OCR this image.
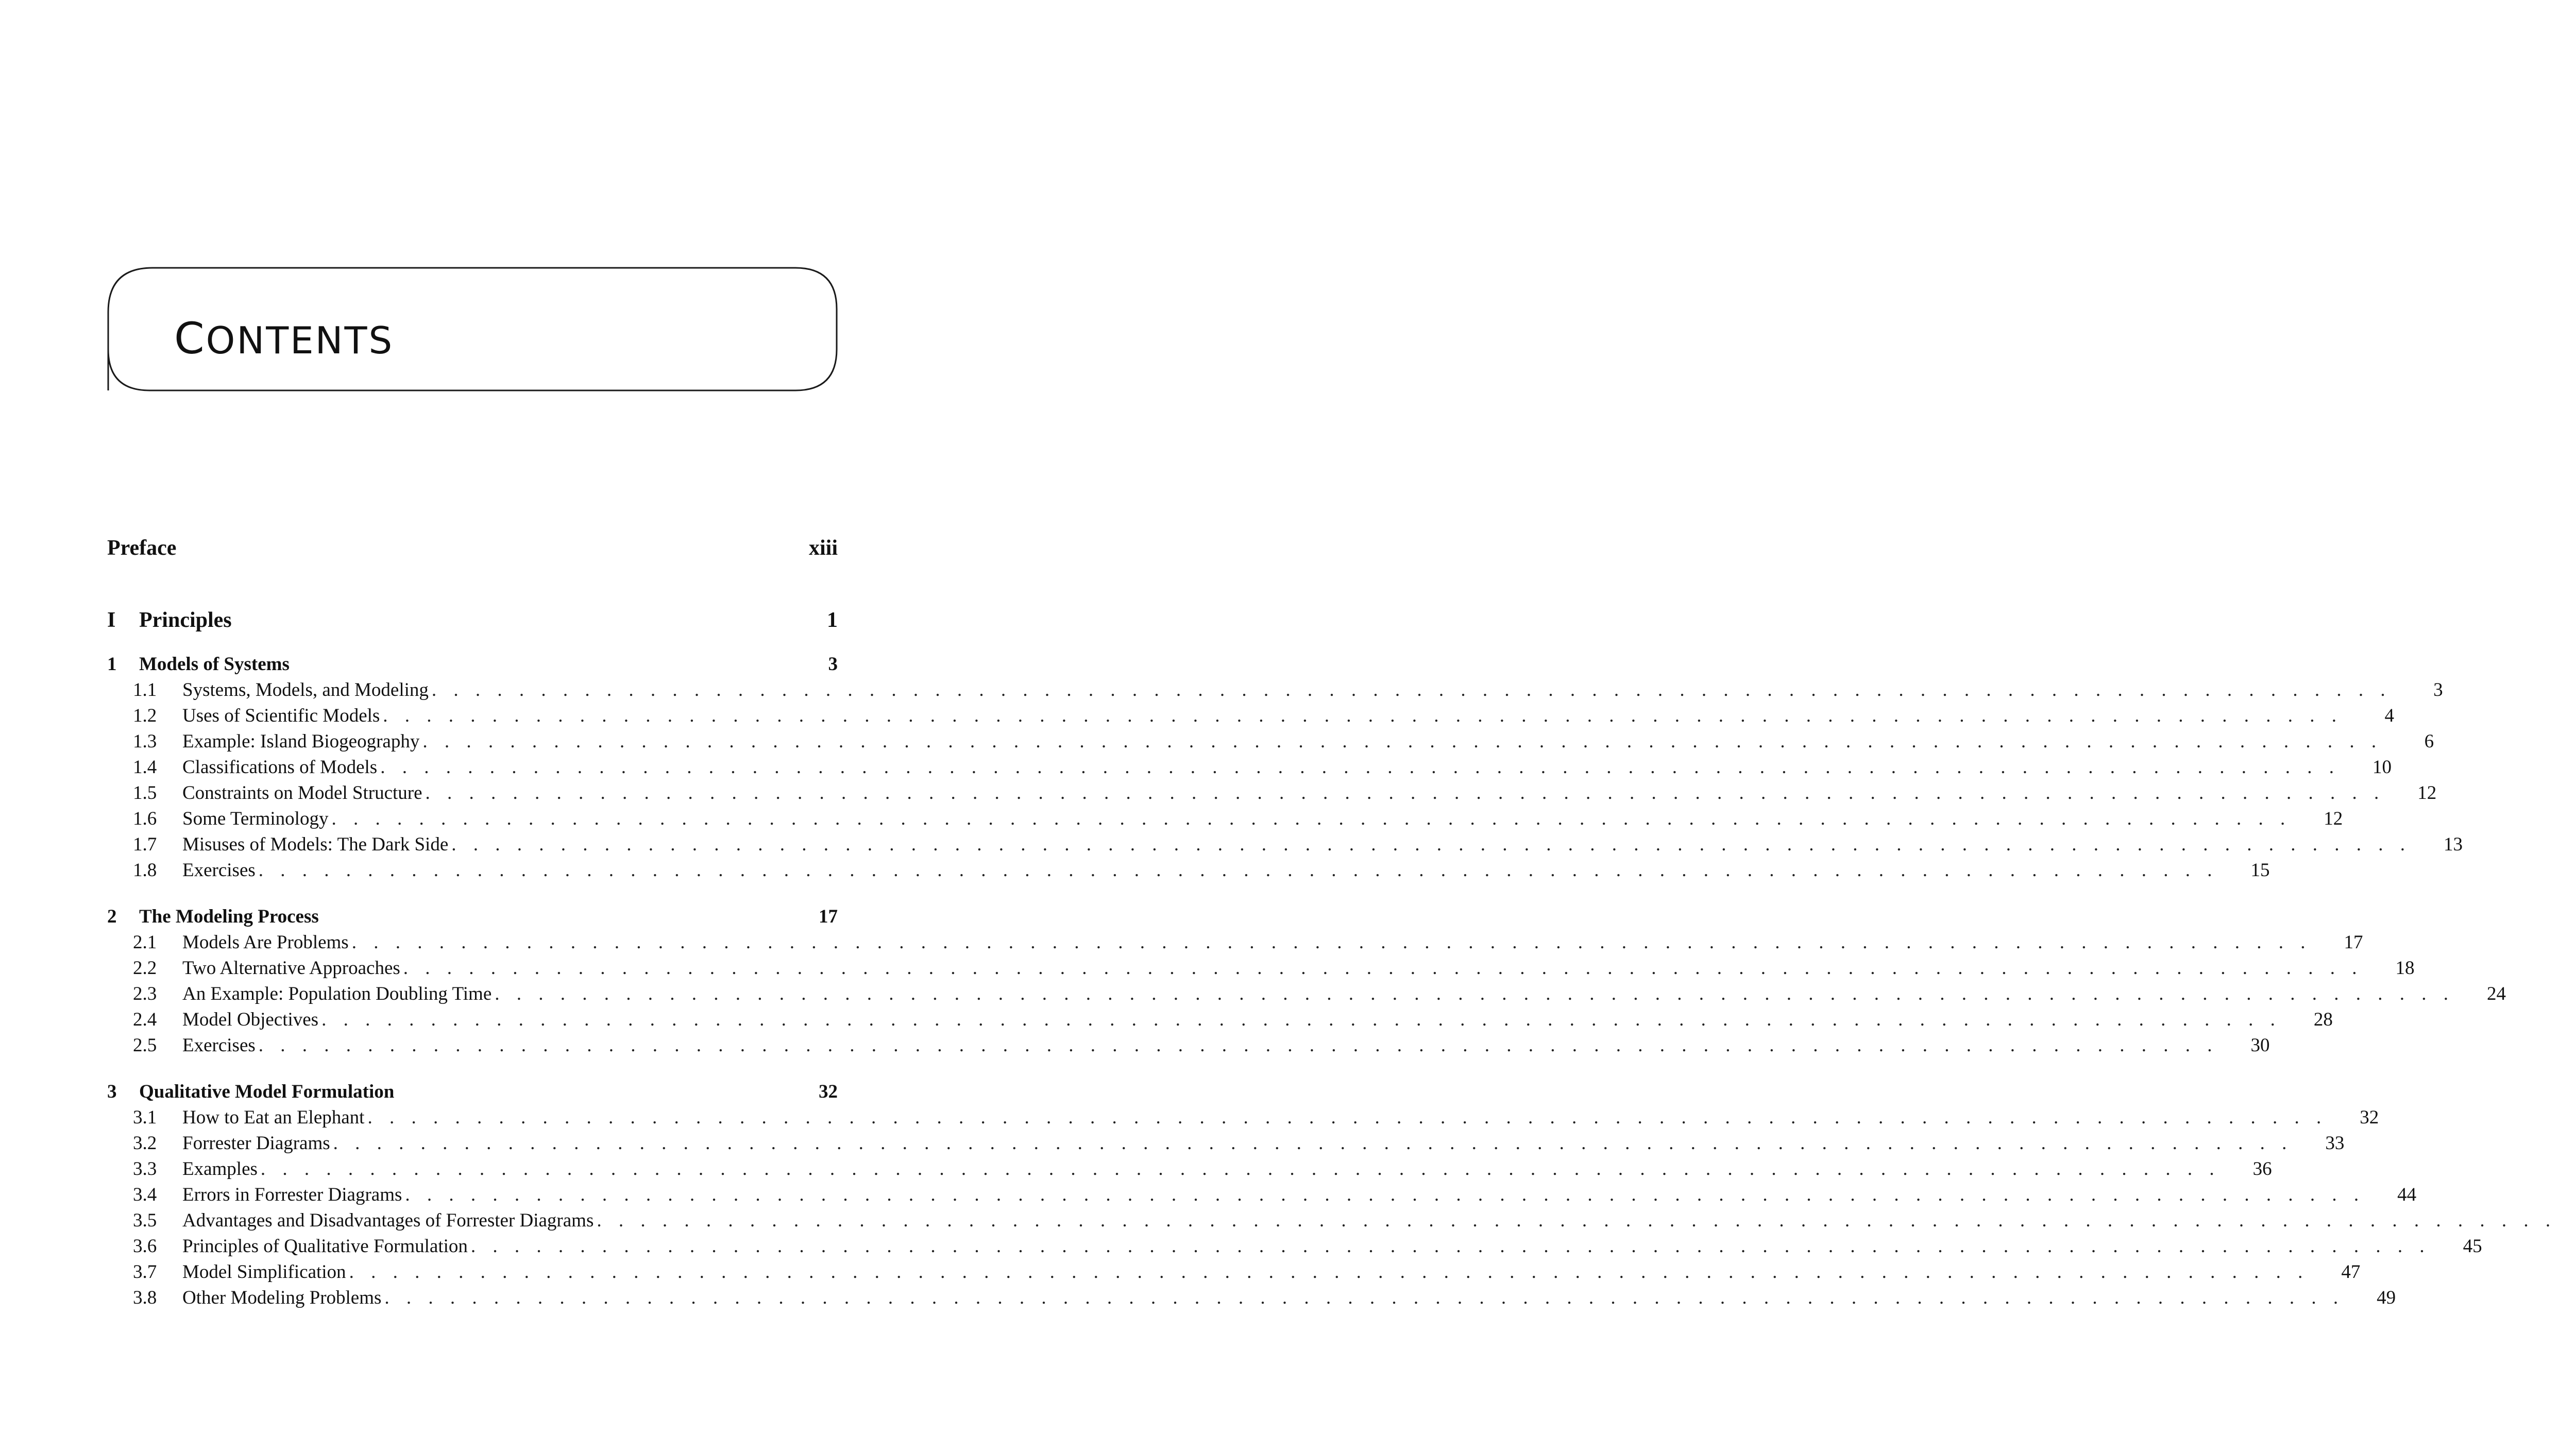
CONTENTS
Preface	xiii
I Principles	1
1	Models of Systems	3
1.1	Systems, Models, and Modeling . . . . . . . . . . . . . . . . . . . . . . . . . . . . . . . . . . . . . . . . . . . . . . . . . . . . . . . . . . . . . . . . . . . . . . . . . . . . . . . . . . . . . . . . . .	3
1.2	Uses of Scientific Models . . . . . . . . . . . . . . . . . . . . . . . . . . . . . . . . . . . . . . . . . . . . . . . . . . . . . . . . . . . . . . . . . . . . . . . . . . . . . . . . . . . . . . . . . .	4
1.3	Example: Island Biogeography . . . . . . . . . . . . . . . . . . . . . . . . . . . . . . . . . . . . . . . . . . . . . . . . . . . . . . . . . . . . . . . . . . . . . . . . . . . . . . . . . . . . . . . . . .	6
1.4	Classifications of Models . . . . . . . . . . . . . . . . . . . . . . . . . . . . . . . . . . . . . . . . . . . . . . . . . . . . . . . . . . . . . . . . . . . . . . . . . . . . . . . . . . . . . . . . . .	10
1.5	Constraints on Model Structure . . . . . . . . . . . . . . . . . . . . . . . . . . . . . . . . . . . . . . . . . . . . . . . . . . . . . . . . . . . . . . . . . . . . . . . . . . . . . . . . . . . . . . . . . .	12
1.6	Some Terminology . . . . . . . . . . . . . . . . . . . . . . . . . . . . . . . . . . . . . . . . . . . . . . . . . . . . . . . . . . . . . . . . . . . . . . . . . . . . . . . . . . . . . . . . . .	12
1.7	Misuses of Models: The Dark Side . . . . . . . . . . . . . . . . . . . . . . . . . . . . . . . . . . . . . . . . . . . . . . . . . . . . . . . . . . . . . . . . . . . . . . . . . . . . . . . . . . . . . . . . . .	13
1.8	Exercises . . . . . . . . . . . . . . . . . . . . . . . . . . . . . . . . . . . . . . . . . . . . . . . . . . . . . . . . . . . . . . . . . . . . . . . . . . . . . . . . . . . . . . . . . .	15
2	The Modeling Process	17
2.1	Models Are Problems . . . . . . . . . . . . . . . . . . . . . . . . . . . . . . . . . . . . . . . . . . . . . . . . . . . . . . . . . . . . . . . . . . . . . . . . . . . . . . . . . . . . . . . . . .	17
2.2	Two Alternative Approaches . . . . . . . . . . . . . . . . . . . . . . . . . . . . . . . . . . . . . . . . . . . . . . . . . . . . . . . . . . . . . . . . . . . . . . . . . . . . . . . . . . . . . . . . . .	18
2.3	An Example: Population Doubling Time . . . . . . . . . . . . . . . . . . . . . . . . . . . . . . . . . . . . . . . . . . . . . . . . . . . . . . . . . . . . . . . . . . . . . . . . . . . . . . . . . . . . . . . . . .	24
2.4	Model Objectives . . . . . . . . . . . . . . . . . . . . . . . . . . . . . . . . . . . . . . . . . . . . . . . . . . . . . . . . . . . . . . . . . . . . . . . . . . . . . . . . . . . . . . . . . .	28
2.5	Exercises . . . . . . . . . . . . . . . . . . . . . . . . . . . . . . . . . . . . . . . . . . . . . . . . . . . . . . . . . . . . . . . . . . . . . . . . . . . . . . . . . . . . . . . . . .	30
3	Qualitative Model Formulation	32
3.1	How to Eat an Elephant . . . . . . . . . . . . . . . . . . . . . . . . . . . . . . . . . . . . . . . . . . . . . . . . . . . . . . . . . . . . . . . . . . . . . . . . . . . . . . . . . . . . . . . . . .	32
3.2	Forrester Diagrams . . . . . . . . . . . . . . . . . . . . . . . . . . . . . . . . . . . . . . . . . . . . . . . . . . . . . . . . . . . . . . . . . . . . . . . . . . . . . . . . . . . . . . . . . .	33
3.3	Examples . . . . . . . . . . . . . . . . . . . . . . . . . . . . . . . . . . . . . . . . . . . . . . . . . . . . . . . . . . . . . . . . . . . . . . . . . . . . . . . . . . . . . . . . . .	36
3.4	Errors in Forrester Diagrams . . . . . . . . . . . . . . . . . . . . . . . . . . . . . . . . . . . . . . . . . . . . . . . . . . . . . . . . . . . . . . . . . . . . . . . . . . . . . . . . . . . . . . . . . .	44
3.5	Advantages and Disadvantages of Forrester Diagrams . . . . . . . . . . . . . . . . . . . . . . . . . . . . . . . . . . . . . . . . . . . . . . . . . . . . . . . . . . . . . . . . . . . . . . . . . . . . . . . . . . . . . . . . . .
3.6	Principles of Qualitative Formulation . . . . . . . . . . . . . . . . . . . . . . . . . . . . . . . . . . . . . . . . . . . . . . . . . . . . . . . . . . . . . . . . . . . . . . . . . . . . . . . . . . . . . . . . . .	45
3.7	Model Simplification . . . . . . . . . . . . . . . . . . . . . . . . . . . . . . . . . . . . . . . . . . . . . . . . . . . . . . . . . . . . . . . . . . . . . . . . . . . . . . . . . . . . . . . . . .	47
3.8	Other Modeling Problems . . . . . . . . . . . . . . . . . . . . . . . . . . . . . . . . . . . . . . . . . . . . . . . . . . . . . . . . . . . . . . . . . . . . . . . . . . . . . . . . . . . . . . . . . .	49
